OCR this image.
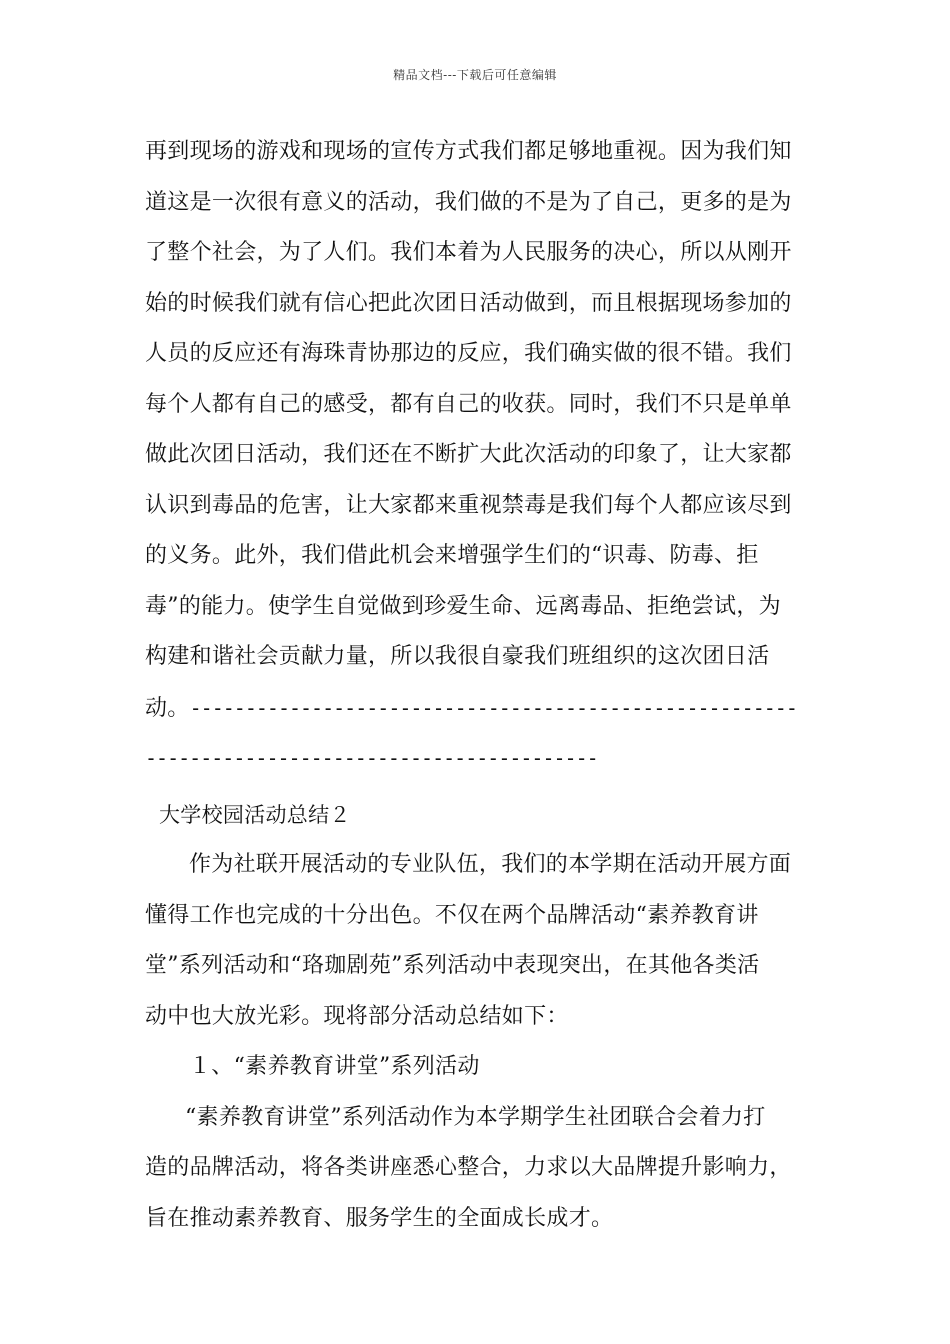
精品文档---下载后可任意编辑
再到现场的游戏和现场的宣传方式我们都足够地重视。因为我们知
道这是一次很有意义的活动，我们做的不是为了自己，更多的是为
了整个社会，为了人们。我们本着为人民服务的决心，所以从刚开
始的时候我们就有信心把此次团日活动做到，而且根据现场参加的
人员的反应还有海珠青协那边的反应，我们确实做的很不错。我们
每个人都有自己的感受，都有自己的收获。同时，我们不只是单单
做此次团日活动，我们还在不断扩大此次活动的印象了，让大家都
认识到毒品的危害，让大家都来重视禁毒是我们每个人都应该尽到
的义务。此外，我们借此机会来增强学生们的“识毒、防毒、拒
毒”的能力。使学生自觉做到珍爱生命、远离毒品、拒绝尝试，为
构建和谐社会贡献力量，所以我很自豪我们班组织的这次团日活
动。-------------------------------------------------------
-----------------------------------------
大学校园活动总结２
作为社联开展活动的专业队伍，我们的本学期在活动开展方面
懂得工作也完成的十分出色。不仅在两个品牌活动“素养教育讲
堂”系列活动和“珞珈剧苑”系列活动中表现突出，在其他各类活
动中也大放光彩。现将部分活动总结如下：
１、“素养教育讲堂”系列活动
“素养教育讲堂”系列活动作为本学期学生社团联合会着力打
造的品牌活动，将各类讲座悉心整合，力求以大品牌提升影响力，
旨在推动素养教育、服务学生的全面成长成才。
